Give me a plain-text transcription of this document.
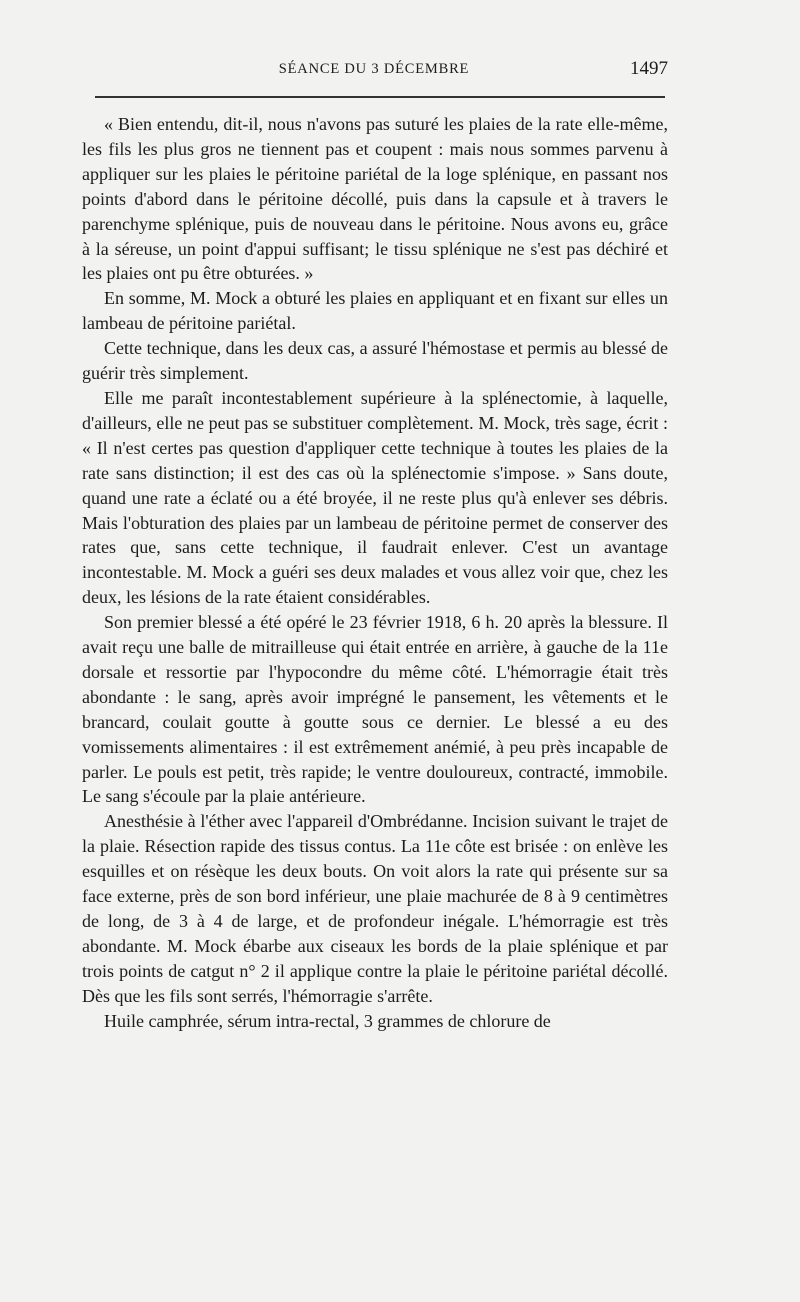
SÉANCE DU 3 DÉCEMBRE	1497

« Bien entendu, dit-il, nous n'avons pas suturé les plaies de la rate elle-même, les fils les plus gros ne tiennent pas et coupent : mais nous sommes parvenu à appliquer sur les plaies le péritoine pariétal de la loge splénique, en passant nos points d'abord dans le péritoine décollé, puis dans la capsule et à travers le parenchyme splénique, puis de nouveau dans le péritoine. Nous avons eu, grâce à la séreuse, un point d'appui suffisant; le tissu splénique ne s'est pas déchiré et les plaies ont pu être obturées. »

En somme, M. Mock a obturé les plaies en appliquant et en fixant sur elles un lambeau de péritoine pariétal.

Cette technique, dans les deux cas, a assuré l'hémostase et permis au blessé de guérir très simplement.

Elle me paraît incontestablement supérieure à la splénectomie, à laquelle, d'ailleurs, elle ne peut pas se substituer complètement. M. Mock, très sage, écrit : « Il n'est certes pas question d'appliquer cette technique à toutes les plaies de la rate sans distinction; il est des cas où la splénectomie s'impose. » Sans doute, quand une rate a éclaté ou a été broyée, il ne reste plus qu'à enlever ses débris. Mais l'obturation des plaies par un lambeau de péritoine permet de conserver des rates que, sans cette technique, il faudrait enlever. C'est un avantage incontestable. M. Mock a guéri ses deux malades et vous allez voir que, chez les deux, les lésions de la rate étaient considérables.

Son premier blessé a été opéré le 23 février 1918, 6 h. 20 après la blessure. Il avait reçu une balle de mitrailleuse qui était entrée en arrière, à gauche de la 11e dorsale et ressortie par l'hypocondre du même côté. L'hémorragie était très abondante : le sang, après avoir imprégné le pansement, les vêtements et le brancard, coulait goutte à goutte sous ce dernier. Le blessé a eu des vomissements alimentaires : il est extrêmement anémié, à peu près incapable de parler. Le pouls est petit, très rapide; le ventre douloureux, contracté, immobile. Le sang s'écoule par la plaie antérieure.

Anesthésie à l'éther avec l'appareil d'Ombrédanne. Incision suivant le trajet de la plaie. Résection rapide des tissus contus. La 11e côte est brisée : on enlève les esquilles et on résèque les deux bouts. On voit alors la rate qui présente sur sa face externe, près de son bord inférieur, une plaie machurée de 8 à 9 centimètres de long, de 3 à 4 de large, et de profondeur inégale. L'hémorragie est très abondante. M. Mock ébarbe aux ciseaux les bords de la plaie splénique et par trois points de catgut n° 2 il applique contre la plaie le péritoine pariétal décollé. Dès que les fils sont serrés, l'hémorragie s'arrête.

Huile camphrée, sérum intra-rectal, 3 grammes de chlorure de
